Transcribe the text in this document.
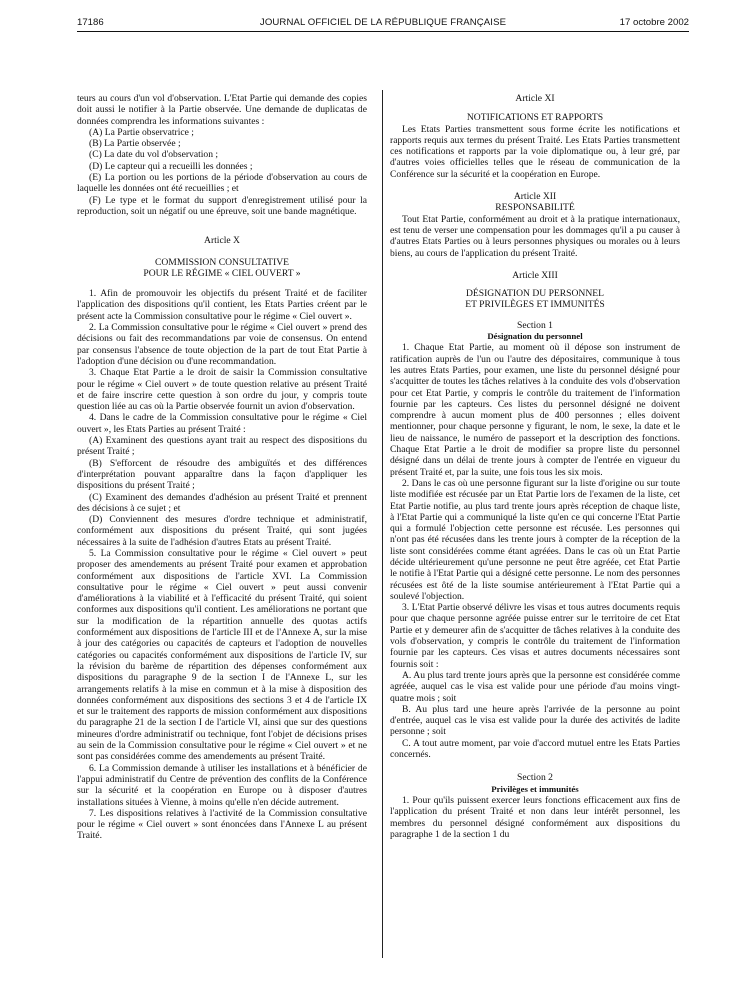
17186	JOURNAL OFFICIEL DE LA RÉPUBLIQUE FRANÇAISE	17 octobre 2002

teurs au cours d'un vol d'observation. L'Etat Partie qui demande des copies doit aussi le notifier à la Partie observée. Une demande de duplicatas de données comprendra les informations suivantes :

(A) La Partie observatrice ;

(B) La Partie observée ;

(C) La date du vol d'observation ;

(D) Le capteur qui a recueilli les données ;

(E) La portion ou les portions de la période d'observation au cours de laquelle les données ont été recueillies ; et

(F) Le type et le format du support d'enregistrement utilisé pour la reproduction, soit un négatif ou une épreuve, soit une bande magnétique.

Article X

COMMISSION CONSULTATIVE

POUR LE RÉGIME « CIEL OUVERT »

1. Afin de promouvoir les objectifs du présent Traité et de faciliter l'application des dispositions qu'il contient, les Etats Parties créent par le présent acte la Commission consultative pour le régime « Ciel ouvert ».

2. La Commission consultative pour le régime « Ciel ouvert » prend des décisions ou fait des recommandations par voie de consensus. On entend par consensus l'absence de toute objection de la part de tout Etat Partie à l'adoption d'une décision ou d'une recommandation.

3. Chaque Etat Partie a le droit de saisir la Commission consultative pour le régime « Ciel ouvert » de toute question relative au présent Traité et de faire inscrire cette question à son ordre du jour, y compris toute question liée au cas où la Partie observée fournit un avion d'observation.

4. Dans le cadre de la Commission consultative pour le régime « Ciel ouvert », les Etats Parties au présent Traité :

(A) Examinent des questions ayant trait au respect des dispositions du présent Traité ;

(B) S'efforcent de résoudre des ambiguïtés et des différences d'interprétation pouvant apparaître dans la façon d'appliquer les dispositions du présent Traité ;

(C) Examinent des demandes d'adhésion au présent Traité et prennent des décisions à ce sujet ; et

(D) Conviennent des mesures d'ordre technique et administratif, conformément aux dispositions du présent Traité, qui sont jugées nécessaires à la suite de l'adhésion d'autres Etats au présent Traité.

5. La Commission consultative pour le régime « Ciel ouvert » peut proposer des amendements au présent Traité pour examen et approbation conformément aux dispositions de l'article XVI. La Commission consultative pour le régime « Ciel ouvert » peut aussi convenir d'améliorations à la viabilité et à l'efficacité du présent Traité, qui soient conformes aux dispositions qu'il contient. Les améliorations ne portant que sur la modification de la répartition annuelle des quotas actifs conformément aux dispositions de l'article III et de l'Annexe A, sur la mise à jour des catégories ou capacités de capteurs et l'adoption de nouvelles catégories ou capacités conformément aux dispositions de l'article IV, sur la révision du barème de répartition des dépenses conformément aux dispositions du paragraphe 9 de la section I de l'Annexe L, sur les arrangements relatifs à la mise en commun et à la mise à disposition des données conformément aux dispositions des sections 3 et 4 de l'article IX et sur le traitement des rapports de mission conformément aux dispositions du paragraphe 21 de la section I de l'article VI, ainsi que sur des questions mineures d'ordre administratif ou technique, font l'objet de décisions prises au sein de la Commission consultative pour le régime « Ciel ouvert » et ne sont pas considérées comme des amendements au présent Traité.

6. La Commission demande à utiliser les installations et à bénéficier de l'appui administratif du Centre de prévention des conflits de la Conférence sur la sécurité et la coopération en Europe ou à disposer d'autres installations situées à Vienne, à moins qu'elle n'en décide autrement.

7. Les dispositions relatives à l'activité de la Commission consultative pour le régime « Ciel ouvert » sont énoncées dans l'Annexe L au présent Traité.

Article XI

NOTIFICATIONS ET RAPPORTS

Les Etats Parties transmettent sous forme écrite les notifications et rapports requis aux termes du présent Traité. Les Etats Parties transmettent ces notifications et rapports par la voie diplomatique ou, à leur gré, par d'autres voies officielles telles que le réseau de communication de la Conférence sur la sécurité et la coopération en Europe.

Article XII

RESPONSABILITÉ

Tout Etat Partie, conformément au droit et à la pratique internationaux, est tenu de verser une compensation pour les dommages qu'il a pu causer à d'autres Etats Parties ou à leurs personnes physiques ou morales ou à leurs biens, au cours de l'application du présent Traité.

Article XIII

DÉSIGNATION DU PERSONNEL

ET PRIVILÈGES ET IMMUNITÉS

Section 1

Désignation du personnel

1. Chaque Etat Partie, au moment où il dépose son instrument de ratification auprès de l'un ou l'autre des dépositaires, communique à tous les autres Etats Parties, pour examen, une liste du personnel désigné pour s'acquitter de toutes les tâches relatives à la conduite des vols d'observation pour cet Etat Partie, y compris le contrôle du traitement de l'information fournie par les capteurs. Ces listes du personnel désigné ne doivent comprendre à aucun moment plus de 400 personnes ; elles doivent mentionner, pour chaque personne y figurant, le nom, le sexe, la date et le lieu de naissance, le numéro de passeport et la description des fonctions. Chaque Etat Partie a le droit de modifier sa propre liste du personnel désigné dans un délai de trente jours à compter de l'entrée en vigueur du présent Traité et, par la suite, une fois tous les six mois.

2. Dans le cas où une personne figurant sur la liste d'origine ou sur toute liste modifiée est récusée par un Etat Partie lors de l'examen de la liste, cet Etat Partie notifie, au plus tard trente jours après réception de chaque liste, à l'Etat Partie qui a communiqué la liste qu'en ce qui concerne l'Etat Partie qui a formulé l'objection cette personne est récusée. Les personnes qui n'ont pas été récusées dans les trente jours à compter de la réception de la liste sont considérées comme étant agréées. Dans le cas où un Etat Partie décide ultérieurement qu'une personne ne peut être agréée, cet Etat Partie le notifie à l'Etat Partie qui a désigné cette personne. Le nom des personnes récusées est ôté de la liste soumise antérieurement à l'Etat Partie qui a soulevé l'objection.

3. L'Etat Partie observé délivre les visas et tous autres documents requis pour que chaque personne agréée puisse entrer sur le territoire de cet Etat Partie et y demeurer afin de s'acquitter de tâches relatives à la conduite des vols d'observation, y compris le contrôle du traitement de l'information fournie par les capteurs. Ces visas et autres documents nécessaires sont fournis soit :

A. Au plus tard trente jours après que la personne est considérée comme agréée, auquel cas le visa est valide pour une période d'au moins vingt-quatre mois ; soit

B. Au plus tard une heure après l'arrivée de la personne au point d'entrée, auquel cas le visa est valide pour la durée des activités de ladite personne ; soit

C. A tout autre moment, par voie d'accord mutuel entre les Etats Parties concernés.

Section 2

Privilèges et immunités

1. Pour qu'ils puissent exercer leurs fonctions efficacement aux fins de l'application du présent Traité et non dans leur intérêt personnel, les membres du personnel désigné conformément aux dispositions du paragraphe 1 de la section 1 du
